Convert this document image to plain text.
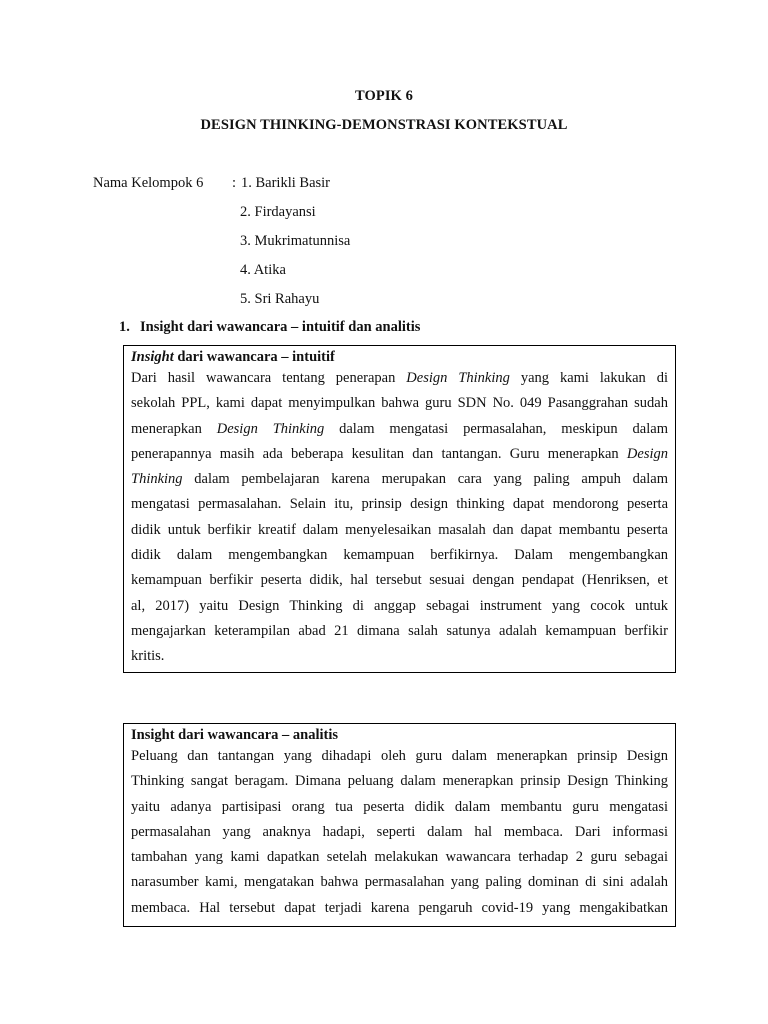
TOPIK 6
DESIGN THINKING-DEMONSTRASI KONTEKSTUAL
Nama Kelompok 6 : 1. Barikli Basir
2. Firdayansi
3. Mukrimatunnisa
4. Atika
5. Sri Rahayu
1. Insight dari wawancara – intuitif dan analitis
Insight dari wawancara – intuitif
Dari hasil wawancara tentang penerapan Design Thinking yang kami lakukan di
sekolah PPL, kami dapat menyimpulkan bahwa guru SDN No. 049 Pasanggrahan sudah
menerapkan Design Thinking dalam mengatasi permasalahan, meskipun dalam
penerapannya masih ada beberapa kesulitan dan tantangan. Guru menerapkan Design
Thinking dalam pembelajaran karena merupakan cara yang paling ampuh dalam
mengatasi permasalahan. Selain itu, prinsip design thinking dapat mendorong peserta
didik untuk berfikir kreatif dalam menyelesaikan masalah dan dapat membantu peserta
didik dalam mengembangkan kemampuan berfikirnya. Dalam mengembangkan
kemampuan berfikir peserta didik, hal tersebut sesuai dengan pendapat (Henriksen, et
al, 2017) yaitu Design Thinking di anggap sebagai instrument yang cocok untuk
mengajarkan keterampilan abad 21 dimana salah satunya adalah kemampuan berfikir
kritis.
Insight dari wawancara – analitis
Peluang dan tantangan yang dihadapi oleh guru dalam menerapkan prinsip Design
Thinking sangat beragam. Dimana peluang dalam menerapkan prinsip Design Thinking
yaitu adanya partisipasi orang tua peserta didik dalam membantu guru mengatasi
permasalahan yang anaknya hadapi, seperti dalam hal membaca. Dari informasi
tambahan yang kami dapatkan setelah melakukan wawancara terhadap 2 guru sebagai
narasumber kami, mengatakan bahwa permasalahan yang paling dominan di sini adalah
membaca. Hal tersebut dapat terjadi karena pengaruh covid-19 yang mengakibatkan
